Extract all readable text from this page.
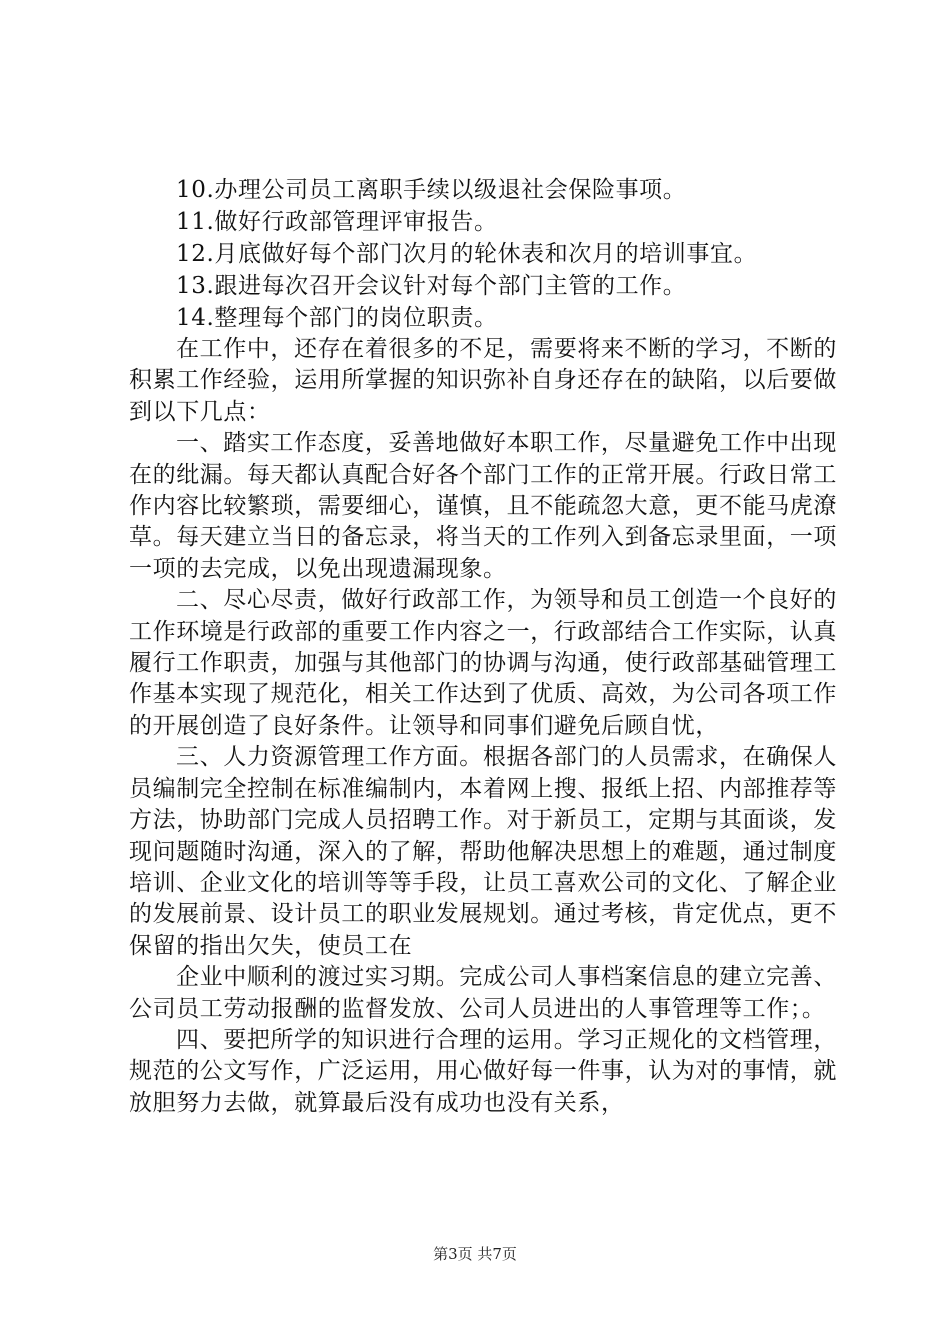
10.办理公司员工离职手续以级退社会保险事项。
11.做好行政部管理评审报告。
12.月底做好每个部门次月的轮休表和次月的培训事宜。
13.跟进每次召开会议针对每个部门主管的工作。
14.整理每个部门的岗位职责。

在工作中，还存在着很多的不足，需要将来不断的学习，不断的积累工作经验，运用所掌握的知识弥补自身还存在的缺陷，以后要做到以下几点：

一、踏实工作态度，妥善地做好本职工作，尽量避免工作中出现在的纰漏。每天都认真配合好各个部门工作的正常开展。行政日常工作内容比较繁琐，需要细心，谨慎，且不能疏忽大意，更不能马虎潦草。每天建立当日的备忘录，将当天的工作列入到备忘录里面，一项一项的去完成，以免出现遗漏现象。

二、尽心尽责，做好行政部工作，为领导和员工创造一个良好的工作环境是行政部的重要工作内容之一，行政部结合工作实际，认真履行工作职责，加强与其他部门的协调与沟通，使行政部基础管理工作基本实现了规范化，相关工作达到了优质、高效，为公司各项工作的开展创造了良好条件。让领导和同事们避免后顾自忧，

三、人力资源管理工作方面。根据各部门的人员需求，在确保人员编制完全控制在标准编制内，本着网上搜、报纸上招、内部推荐等方法，协助部门完成人员招聘工作。对于新员工，定期与其面谈，发现问题随时沟通，深入的了解，帮助他解决思想上的难题，通过制度培训、企业文化的培训等等手段，让员工喜欢公司的文化、了解企业的发展前景、设计员工的职业发展规划。通过考核，肯定优点，更不保留的指出欠失，使员工在

企业中顺利的渡过实习期。完成公司人事档案信息的建立完善、公司员工劳动报酬的监督发放、公司人员进出的人事管理等工作；。

四、要把所学的知识进行合理的运用。学习正规化的文档管理，规范的公文写作，广泛运用，用心做好每一件事，认为对的事情，就放胆努力去做，就算最后没有成功也没有关系，

第3页 共7页
